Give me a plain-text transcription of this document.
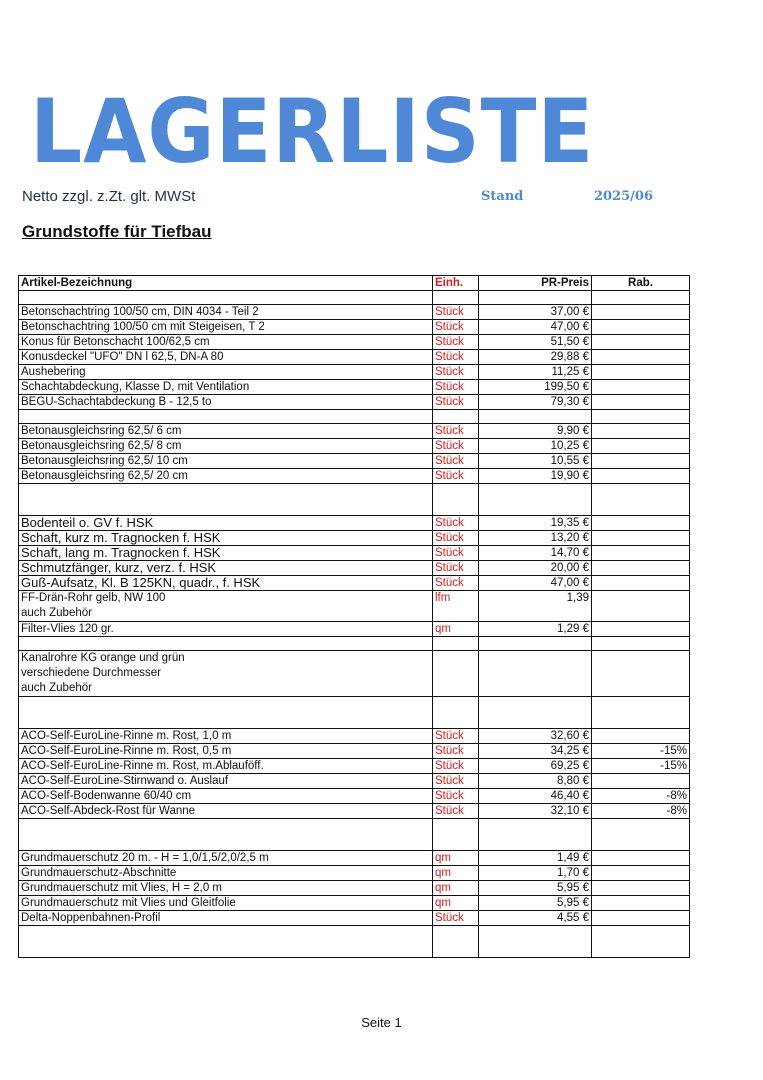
LAGERLISTE
Netto zzgl. z.Zt. glt. MWSt	Stand	2025/06
Grundstoffe für Tiefbau
Artikel-Bezeichnung	Einh.	PR-Preis	Rab.

Betonschachtring 100/50 cm, DIN 4034 - Teil 2	Stück	37,00 €	
Betonschachtring 100/50 cm mit Steigeisen, T 2	Stück	47,00 €	
Konus für Betonschacht 100/62,5 cm	Stück	51,50 €	
Konusdeckel "UFO" DN l 62,5, DN-A 80	Stück	29,88 €	
Aushebering	Stück	11,25 €	
Schachtabdeckung, Klasse D, mit Ventilation	Stück	199,50 €	
BEGU-Schachtabdeckung B - 12,5 to	Stück	79,30 €	

Betonausgleichsring 62,5/ 6 cm	Stück	9,90 €	
Betonausgleichsring 62,5/ 8 cm	Stück	10,25 €	
Betonausgleichsring 62,5/ 10 cm	Stück	10,55 €	
Betonausgleichsring 62,5/ 20 cm	Stück	19,90 €	

Bodenteil o. GV f. HSK	Stück	19,35 €	
Schaft, kurz m. Tragnocken f. HSK	Stück	13,20 €	
Schaft, lang m. Tragnocken f. HSK	Stück	14,70 €	
Schmutzfänger, kurz, verz. f. HSK	Stück	20,00 €	
Guß-Aufsatz, Kl. B 125KN, quadr., f. HSK	Stück	47,00 €	

FF-Drän-Rohr gelb, NW 100
auch Zubehör	lfm	1,39	
Filter-Vlies 120 gr.	qm	1,29 €	

Kanalrohre KG orange und grün
verschiedene Durchmesser
auch Zubehör			

ACO-Self-EuroLine-Rinne m. Rost, 1,0 m	Stück	32,60 €	
ACO-Self-EuroLine-Rinne m. Rost, 0,5 m	Stück	34,25 €	-15%
ACO-Self-EuroLine-Rinne m. Rost, m.Ablauföff.	Stück	69,25 €	-15%
ACO-Self-EuroLine-Stirnwand o. Auslauf	Stück	8,80 €	
ACO-Self-Bodenwanne 60/40 cm	Stück	46,40 €	-8%
ACO-Self-Abdeck-Rost für Wanne	Stück	32,10 €	-8%

Grundmauerschutz 20 m. - H = 1,0/1,5/2,0/2,5 m	qm	1,49 €	
Grundmauerschutz-Abschnitte	qm	1,70 €	
Grundmauerschutz mit Vlies, H = 2,0 m	qm	5,95 €	
Grundmauerschutz mit Vlies und Gleitfolie	qm	5,95 €	
Delta-Noppenbahnen-Profil	Stück	4,55 €	

Seite 1
